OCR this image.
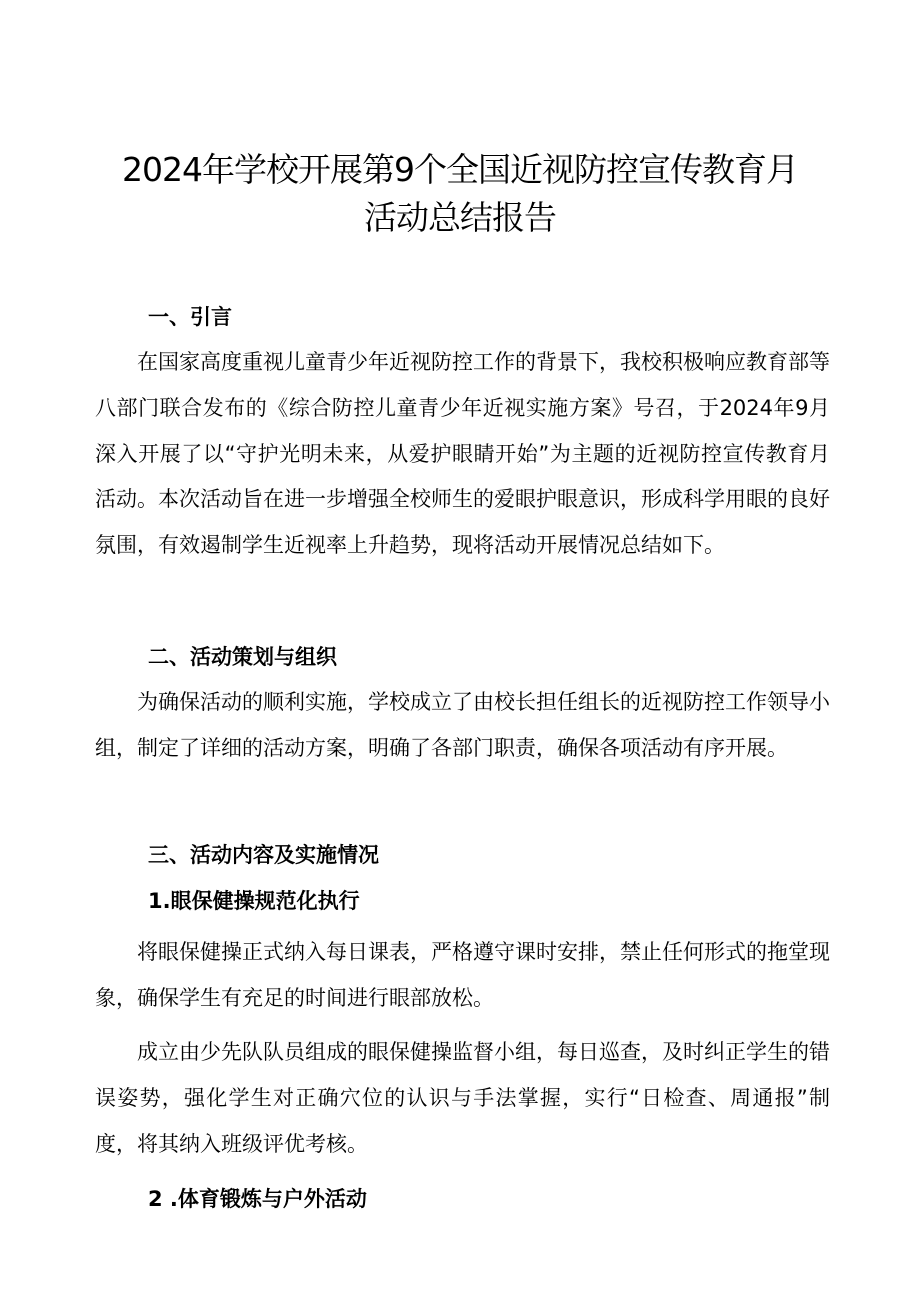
2024年学校开展第9个全国近视防控宣传教育月
活动总结报告
一、引言

在国家高度重视儿童青少年近视防控工作的背景下，我校积极响应教育部等八部门联合发布的《综合防控儿童青少年近视实施方案》号召，于2024年9月深入开展了以“守护光明未来，从爱护眼睛开始”为主题的近视防控宣传教育月活动。本次活动旨在进一步增强全校师生的爱眼护眼意识，形成科学用眼的良好氛围，有效遏制学生近视率上升趋势，现将活动开展情况总结如下。

二、活动策划与组织

为确保活动的顺利实施，学校成立了由校长担任组长的近视防控工作领导小组，制定了详细的活动方案，明确了各部门职责，确保各项活动有序开展。

三、活动内容及实施情况
1.眼保健操规范化执行

将眼保健操正式纳入每日课表，严格遵守课时安排，禁止任何形式的拖堂现象，确保学生有充足的时间进行眼部放松。

成立由少先队队员组成的眼保健操监督小组，每日巡查，及时纠正学生的错误姿势，强化学生对正确穴位的认识与手法掌握，实行“日检查、周通报”制度，将其纳入班级评优考核。

2 .体育锻炼与户外活动
